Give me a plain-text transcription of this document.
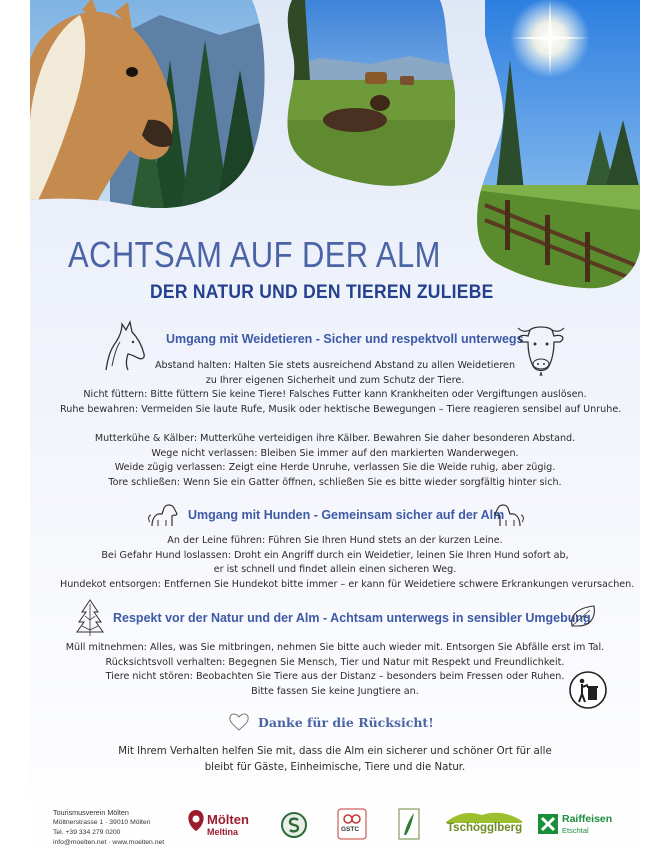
ACHTSAM AUF DER ALM
DER NATUR UND DEN TIEREN ZULIEBE
Umgang mit Weidetieren - Sicher und respektvoll unterwegs
Abstand halten: Halten Sie stets ausreichend Abstand zu allen Weidetieren
zu Ihrer eigenen Sicherheit und zum Schutz der Tiere.
Nicht füttern: Bitte füttern Sie keine Tiere! Falsches Futter kann Krankheiten oder Vergiftungen auslösen.
Ruhe bewahren: Vermeiden Sie laute Rufe, Musik oder hektische Bewegungen – Tiere reagieren sensibel auf Unruhe.
Mutterkühe & Kälber: Mutterkühe verteidigen ihre Kälber. Bewahren Sie daher besonderen Abstand.
Wege nicht verlassen: Bleiben Sie immer auf den markierten Wanderwegen.
Weide zügig verlassen: Zeigt eine Herde Unruhe, verlassen Sie die Weide ruhig, aber zügig.
Tore schließen: Wenn Sie ein Gatter öffnen, schließen Sie es bitte wieder sorgfältig hinter sich.
Umgang mit Hunden - Gemeinsam sicher auf der Alm
An der Leine führen: Führen Sie Ihren Hund stets an der kurzen Leine.
Bei Gefahr Hund loslassen: Droht ein Angriff durch ein Weidetier, leinen Sie Ihren Hund sofort ab,
er ist schnell und findet allein einen sicheren Weg.
Hundekot entsorgen: Entfernen Sie Hundekot bitte immer – er kann für Weidetiere schwere Erkrankungen verursachen.
Respekt vor der Natur und der Alm - Achtsam unterwegs in sensibler Umgebung
Müll mitnehmen: Alles, was Sie mitbringen, nehmen Sie bitte auch wieder mit. Entsorgen Sie Abfälle erst im Tal.
Rücksichtsvoll verhalten: Begegnen Sie Mensch, Tier und Natur mit Respekt und Freundlichkeit.
Tiere nicht stören: Beobachten Sie Tiere aus der Distanz – besonders beim Fressen oder Ruhen.
Bitte fassen Sie keine Jungtiere an.
Danke für die Rücksicht!
Mit Ihrem Verhalten helfen Sie mit, dass die Alm ein sicherer und schöner Ort für alle
bleibt für Gäste, Einheimische, Tiere und die Natur.
Tourismusverein Mölten
Möltnerstrasse 1 · 39010 Mölten
Tel. +39 334 279 0200
info@moelten.net · www.moelten.net
Mölten
Meltina	GSTC	Tschögglberg
Raiffeisen
Etschtal
